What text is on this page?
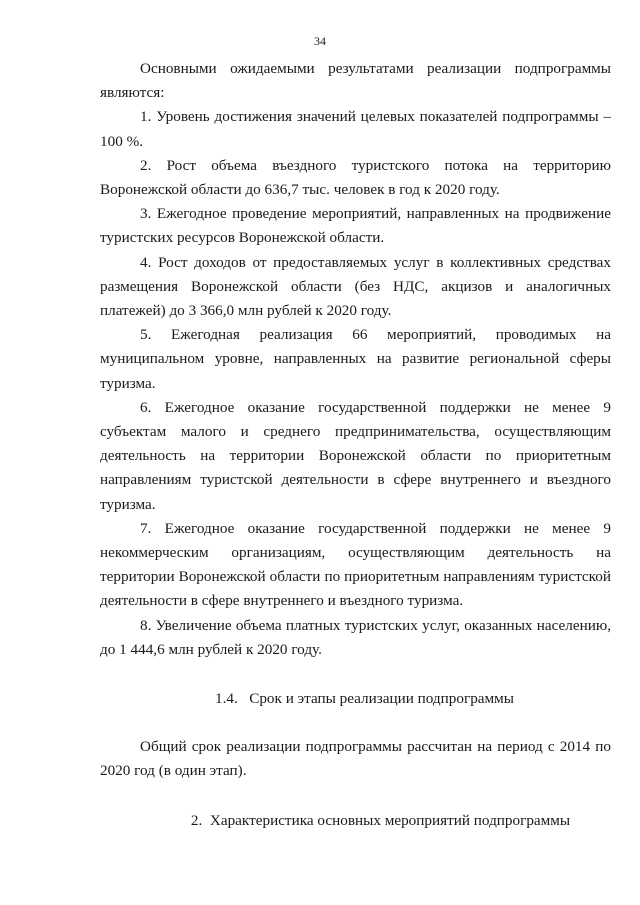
34

Основными ожидаемыми результатами реализации подпрограммы являются:

1. Уровень достижения значений целевых показателей подпрограммы – 100 %.

2. Рост объема въездного туристского потока на территорию Воронежской области до 636,7 тыс. человек в год к 2020 году.

3. Ежегодное проведение мероприятий, направленных на продвижение туристских ресурсов Воронежской области.

4. Рост доходов от предоставляемых услуг в коллективных средствах размещения Воронежской области (без НДС, акцизов и аналогичных платежей) до 3 366,0 млн рублей к 2020 году.

5. Ежегодная реализация 66 мероприятий, проводимых на муниципальном уровне, направленных на развитие региональной сферы туризма.

6. Ежегодное оказание государственной поддержки не менее 9 субъектам малого и среднего предпринимательства, осуществляющим деятельность на территории Воронежской области по приоритетным направлениям туристской деятельности в сфере внутреннего и въездного туризма.

7. Ежегодное оказание государственной поддержки не менее 9 некоммерческим организациям, осуществляющим деятельность на территории Воронежской области по приоритетным направлениям туристской деятельности в сфере внутреннего и въездного туризма.

8. Увеличение объема платных туристских услуг, оказанных населению, до 1 444,6 млн рублей к 2020 году.

1.4.   Срок и этапы реализации подпрограммы

Общий срок реализации подпрограммы рассчитан на период с 2014 по 2020 год (в один этап).

2.  Характеристика основных мероприятий подпрограммы
